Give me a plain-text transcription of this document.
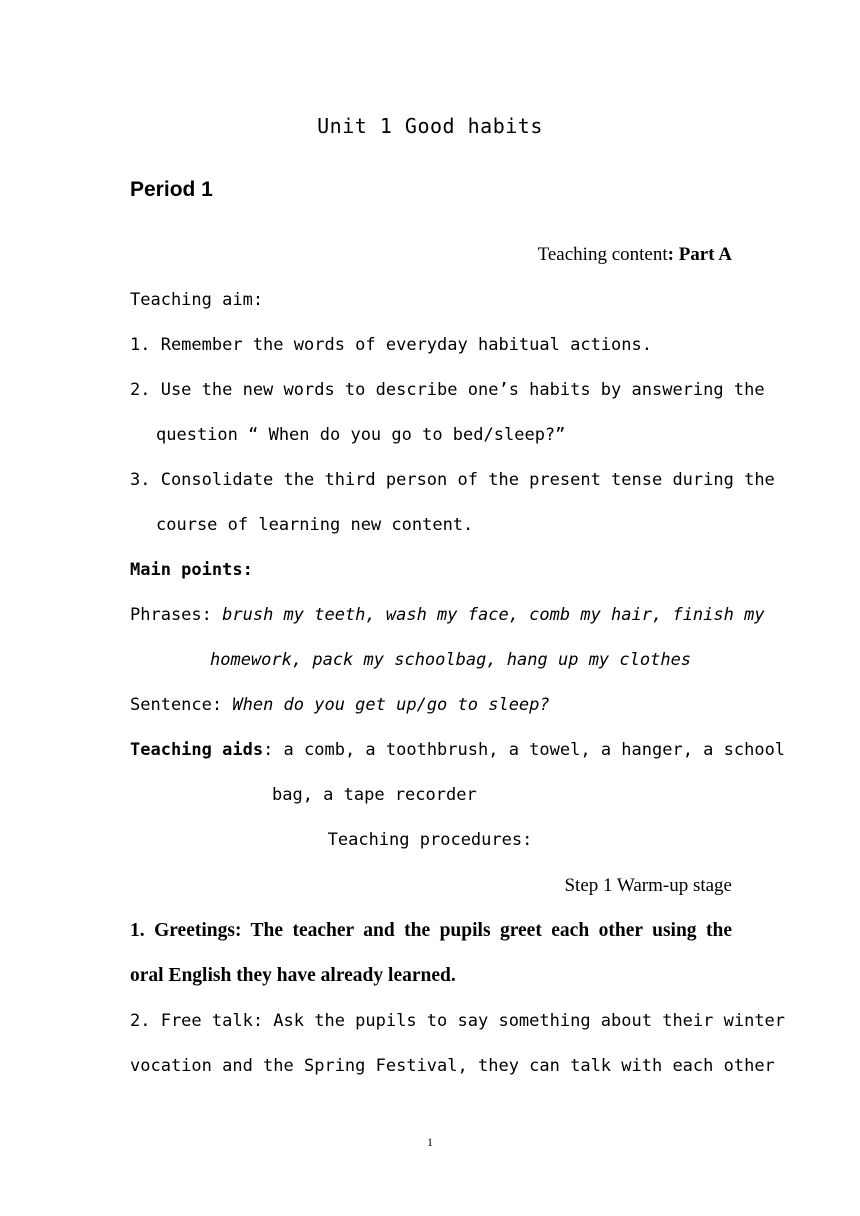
Unit 1 Good habits
Period 1
Teaching content: Part A
Teaching aim:
1. Remember the words of everyday habitual actions.
2. Use the new words to describe one’s habits by answering the
question “ When do you go to bed/sleep?”
3. Consolidate the third person of the present tense during the
course of learning new content.
Main points:
Phrases: brush my teeth, wash my face, comb my hair, finish my
homework, pack my schoolbag, hang up my clothes
Sentence: When do you get up/go to sleep?
Teaching aids: a comb, a toothbrush, a towel, a hanger, a school
bag, a tape recorder
Teaching procedures:
Step 1 Warm-up stage
1. Greetings: The teacher and the pupils greet each other using the
oral English they have already learned.
2. Free talk: Ask the pupils to say something about their winter
vocation and the Spring Festival, they can talk with each other
1
